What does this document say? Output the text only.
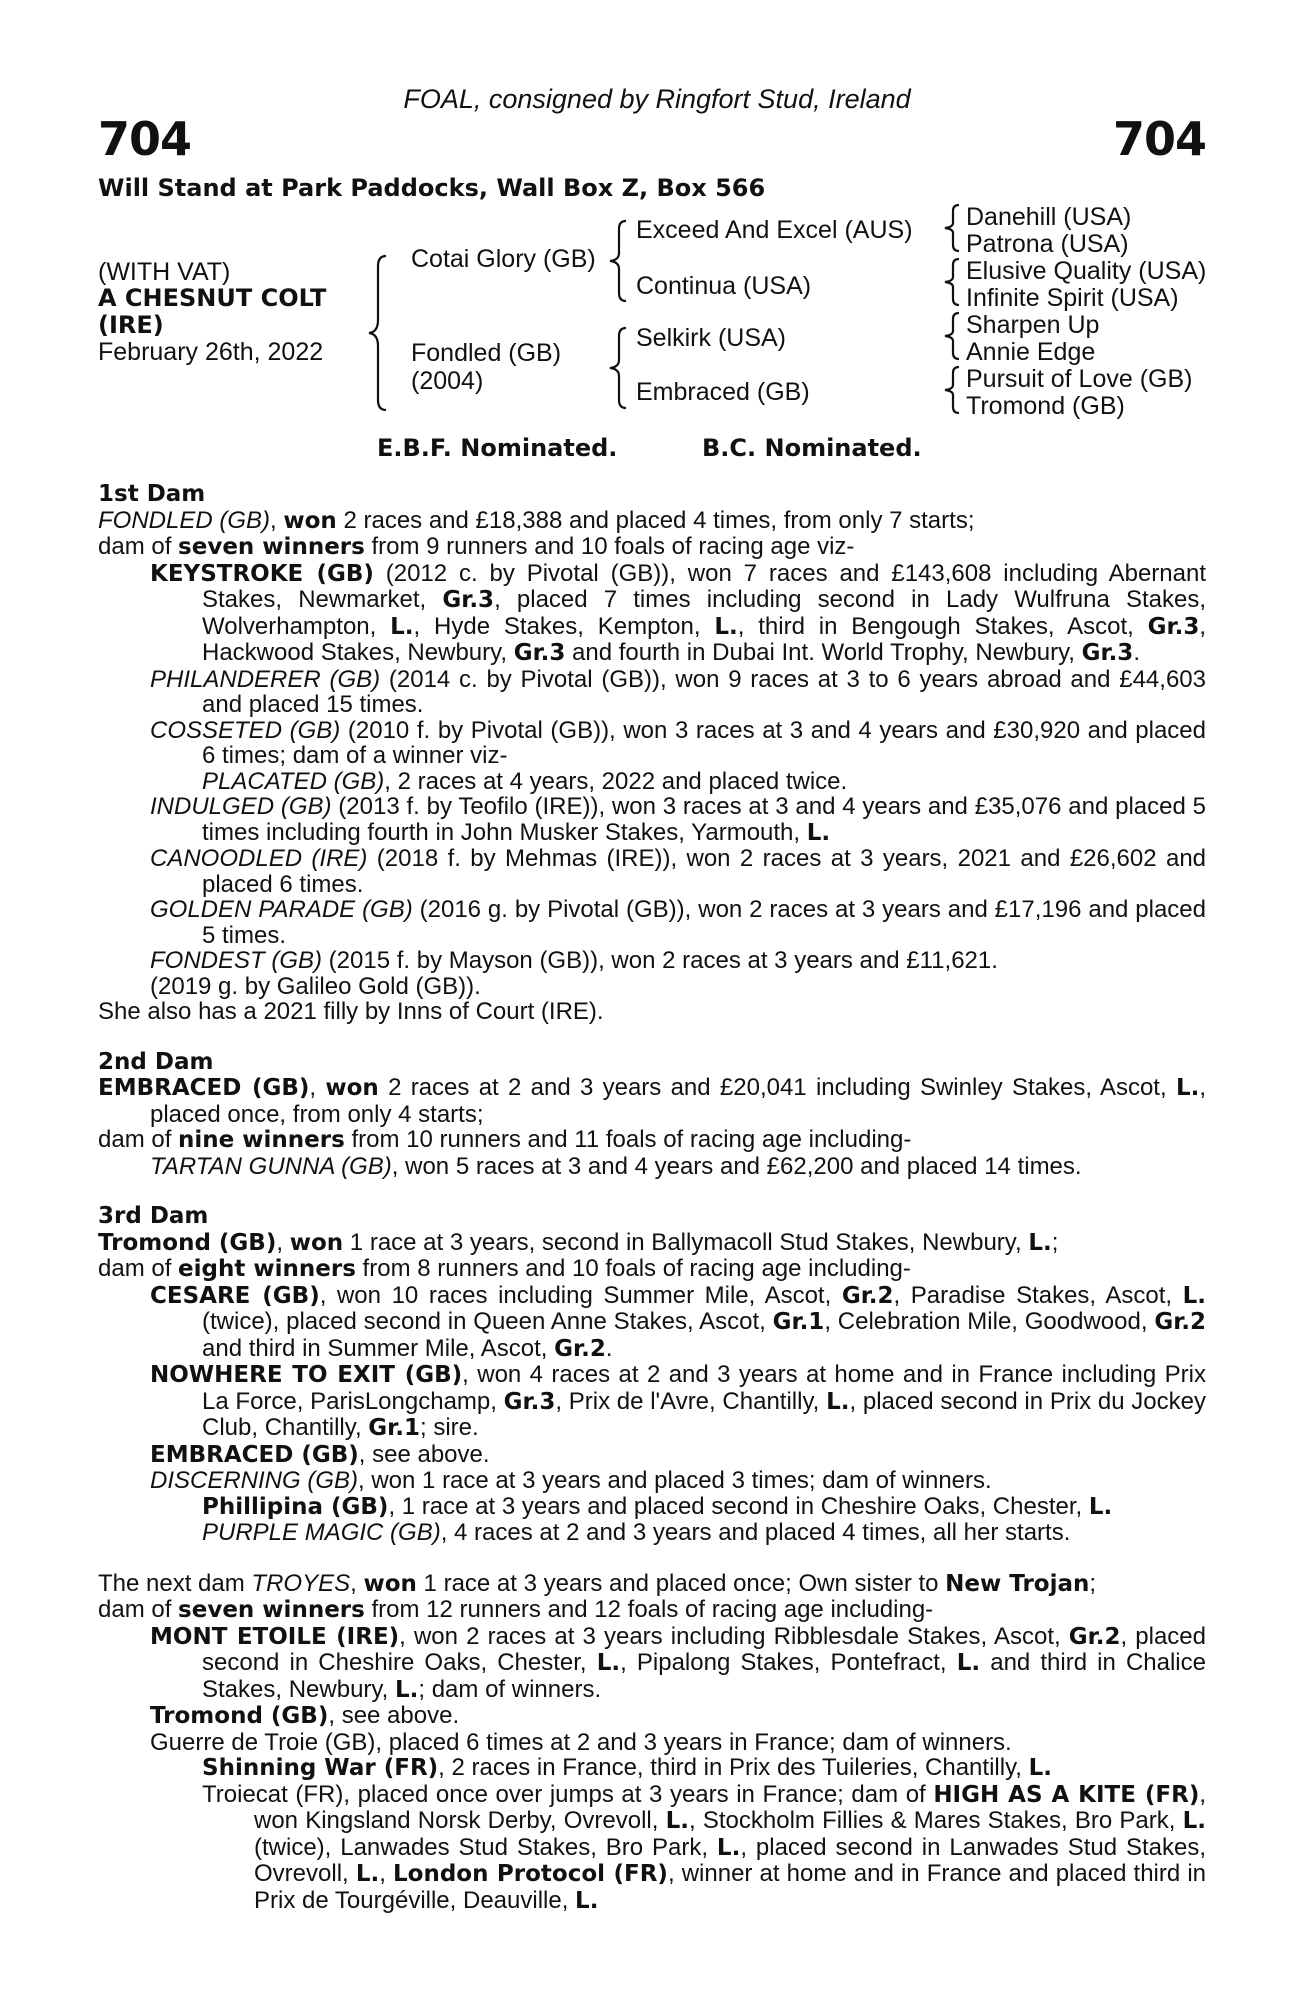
FOAL, consigned by Ringfort Stud, Ireland
704	704
Will Stand at Park Paddocks, Wall Box Z, Box 566
(WITH VAT)
A CHESNUT COLT
(IRE)
February 26th, 2022
Cotai Glory (GB)
Fondled (GB)
(2004)
Exceed And Excel (AUS)
Continua (USA)
Selkirk (USA)
Embraced (GB)
Danehill (USA)
Patrona (USA)
Elusive Quality (USA)
Infinite Spirit (USA)
Sharpen Up
Annie Edge
Pursuit of Love (GB)
Tromond (GB)
E.B.F. Nominated.	B.C. Nominated.
1st Dam
FONDLED (GB), won 2 races and £18,388 and placed 4 times, from only 7 starts;
dam of seven winners from 9 runners and 10 foals of racing age viz-
KEYSTROKE (GB) (2012 c. by Pivotal (GB)), won 7 races and £143,608 including Abernant Stakes, Newmarket, Gr.3, placed 7 times including second in Lady Wulfruna Stakes, Wolverhampton, L., Hyde Stakes, Kempton, L., third in Bengough Stakes, Ascot, Gr.3, Hackwood Stakes, Newbury, Gr.3 and fourth in Dubai Int. World Trophy, Newbury, Gr.3.
PHILANDERER (GB) (2014 c. by Pivotal (GB)), won 9 races at 3 to 6 years abroad and £44,603 and placed 15 times.
COSSETED (GB) (2010 f. by Pivotal (GB)), won 3 races at 3 and 4 years and £30,920 and placed 6 times; dam of a winner viz-
PLACATED (GB), 2 races at 4 years, 2022 and placed twice.
INDULGED (GB) (2013 f. by Teofilo (IRE)), won 3 races at 3 and 4 years and £35,076 and placed 5 times including fourth in John Musker Stakes, Yarmouth, L.
CANOODLED (IRE) (2018 f. by Mehmas (IRE)), won 2 races at 3 years, 2021 and £26,602 and placed 6 times.
GOLDEN PARADE (GB) (2016 g. by Pivotal (GB)), won 2 races at 3 years and £17,196 and placed 5 times.
FONDEST (GB) (2015 f. by Mayson (GB)), won 2 races at 3 years and £11,621.
(2019 g. by Galileo Gold (GB)).
She also has a 2021 filly by Inns of Court (IRE).
2nd Dam
EMBRACED (GB), won 2 races at 2 and 3 years and £20,041 including Swinley Stakes, Ascot, L., placed once, from only 4 starts;
dam of nine winners from 10 runners and 11 foals of racing age including-
TARTAN GUNNA (GB), won 5 races at 3 and 4 years and £62,200 and placed 14 times.
3rd Dam
Tromond (GB), won 1 race at 3 years, second in Ballymacoll Stud Stakes, Newbury, L.;
dam of eight winners from 8 runners and 10 foals of racing age including-
CESARE (GB), won 10 races including Summer Mile, Ascot, Gr.2, Paradise Stakes, Ascot, L. (twice), placed second in Queen Anne Stakes, Ascot, Gr.1, Celebration Mile, Goodwood, Gr.2 and third in Summer Mile, Ascot, Gr.2.
NOWHERE TO EXIT (GB), won 4 races at 2 and 3 years at home and in France including Prix La Force, ParisLongchamp, Gr.3, Prix de l'Avre, Chantilly, L., placed second in Prix du Jockey Club, Chantilly, Gr.1; sire.
EMBRACED (GB), see above.
DISCERNING (GB), won 1 race at 3 years and placed 3 times; dam of winners.
Phillipina (GB), 1 race at 3 years and placed second in Cheshire Oaks, Chester, L.
PURPLE MAGIC (GB), 4 races at 2 and 3 years and placed 4 times, all her starts.
The next dam TROYES, won 1 race at 3 years and placed once; Own sister to New Trojan;
dam of seven winners from 12 runners and 12 foals of racing age including-
MONT ETOILE (IRE), won 2 races at 3 years including Ribblesdale Stakes, Ascot, Gr.2, placed second in Cheshire Oaks, Chester, L., Pipalong Stakes, Pontefract, L. and third in Chalice Stakes, Newbury, L.; dam of winners.
Tromond (GB), see above.
Guerre de Troie (GB), placed 6 times at 2 and 3 years in France; dam of winners.
Shinning War (FR), 2 races in France, third in Prix des Tuileries, Chantilly, L.
Troiecat (FR), placed once over jumps at 3 years in France; dam of HIGH AS A KITE (FR), won Kingsland Norsk Derby, Ovrevoll, L., Stockholm Fillies & Mares Stakes, Bro Park, L. (twice), Lanwades Stud Stakes, Bro Park, L., placed second in Lanwades Stud Stakes, Ovrevoll, L., London Protocol (FR), winner at home and in France and placed third in Prix de Tourgéville, Deauville, L.
